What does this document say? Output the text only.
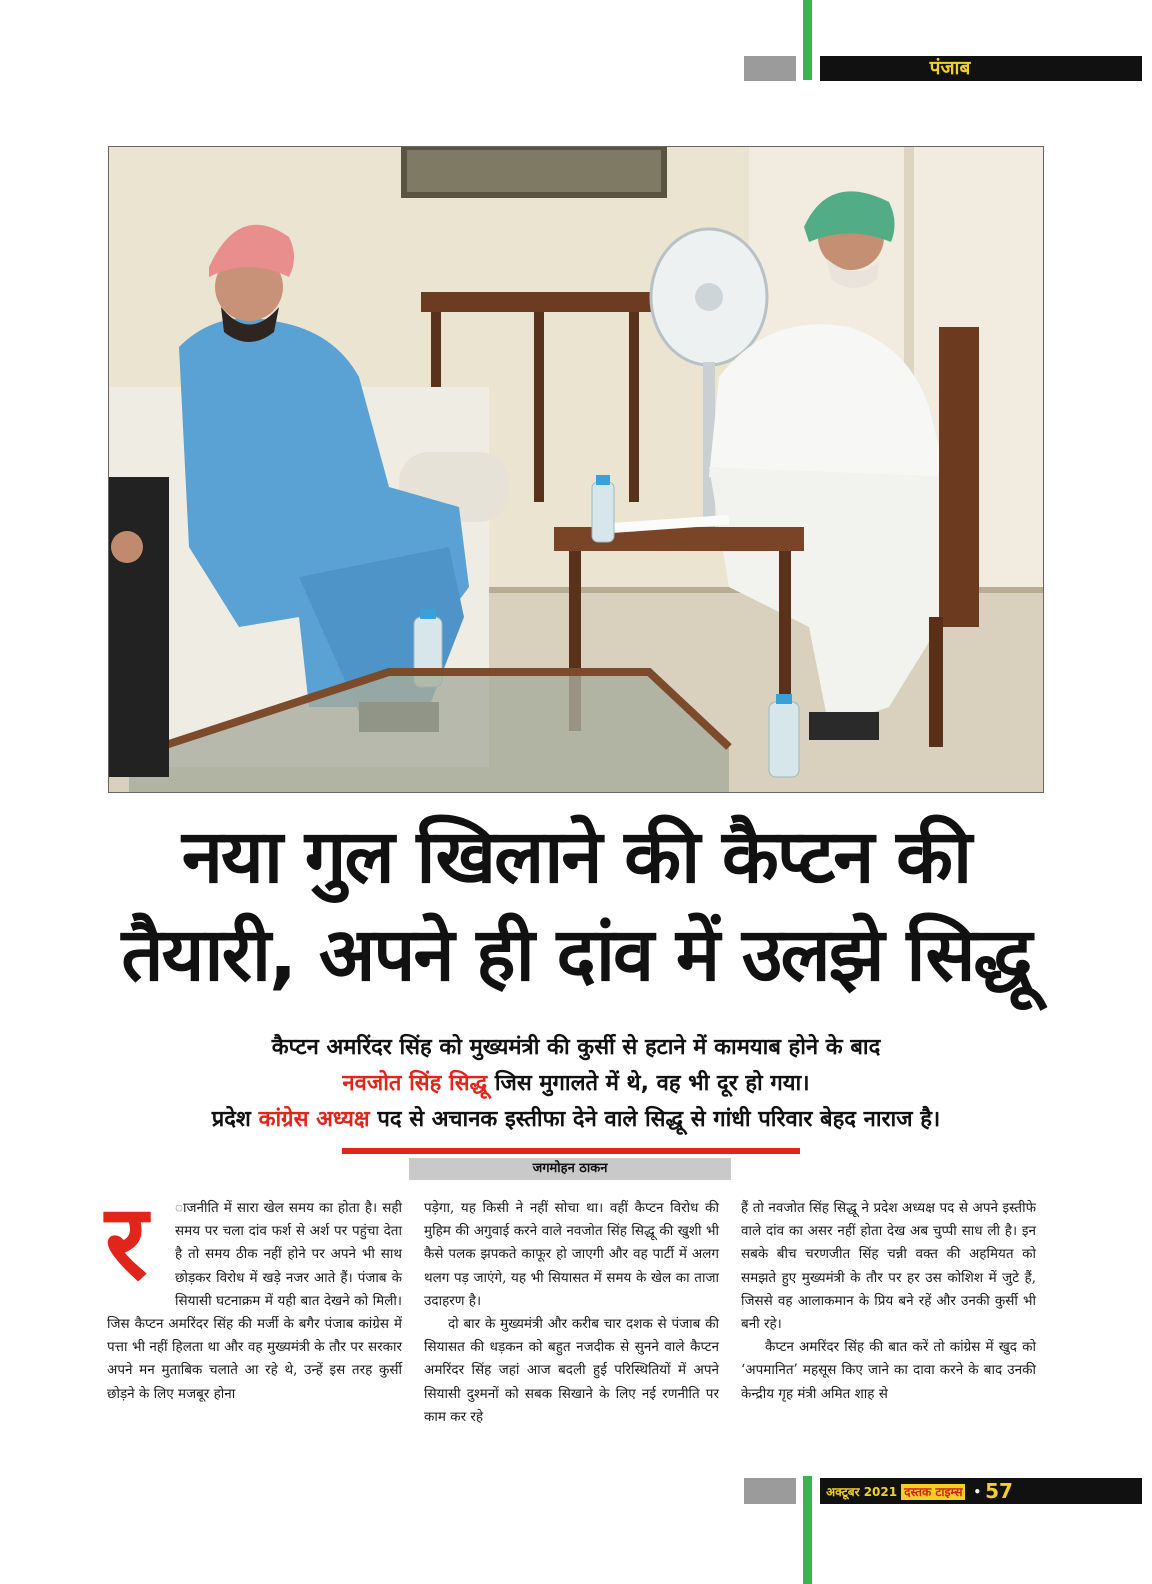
पंजाब
नया गुल खिलाने की कैप्टन की
तैयारी, अपने ही दांव में उलझे सिद्धू
कैप्टन अमरिंदर सिंह को मुख्यमंत्री की कुर्सी से हटाने में कामयाब होने के बाद
नवजोत सिंह सिद्धू जिस मुगालते में थे, वह भी दूर हो गया।
प्रदेश कांग्रेस अध्यक्ष पद से अचानक इस्तीफा देने वाले सिद्धू से गांधी परिवार बेहद नाराज है।
जगमोहन ठाकन
र	ाजनीति में सारा खेल समय का होता है। सही समय पर चला दांव फर्श से अर्श पर पहुंचा देता है तो समय ठीक नहीं होने पर अपने भी साथ छोड़कर विरोध में खड़े नजर आते हैं। पंजाब के सियासी घटनाक्रम में यही बात देखने को मिली। जिस कैप्टन अमरिंदर सिंह की मर्जी के बगैर पंजाब कांग्रेस में पत्ता भी नहीं हिलता था और वह मुख्यमंत्री के तौर पर सरकार अपने मन मुताबिक चलाते आ रहे थे, उन्हें इस तरह कुर्सी छोड़ने के लिए मजबूर होना

पड़ेगा, यह किसी ने नहीं सोचा था। वहीं कैप्टन विरोध की मुहिम की अगुवाई करने वाले नवजोत सिंह सिद्धू की खुशी भी कैसे पलक झपकते काफूर हो जाएगी और वह पार्टी में अलग थलग पड़ जाएंगे, यह भी सियासत में समय के खेल का ताजा उदाहरण है।

दो बार के मुख्यमंत्री और करीब चार दशक से पंजाब की सियासत की धड़कन को बहुत नजदीक से सुनने वाले कैप्टन अमरिंदर सिंह जहां आज बदली हुई परिस्थितियों में अपने सियासी दुश्मनों को सबक सिखाने के लिए नई रणनीति पर काम कर रहे

हैं तो नवजोत सिंह सिद्धू ने प्रदेश अध्यक्ष पद से अपने इस्तीफे वाले दांव का असर नहीं होता देख अब चुप्पी साध ली है। इन सबके बीच चरणजीत सिंह चन्नी वक्त की अहमियत को समझते हुए मुख्यमंत्री के तौर पर हर उस कोशिश में जुटे हैं, जिससे वह आलाकमान के प्रिय बने रहें और उनकी कुर्सी भी बनी रहे।

कैप्टन अमरिंदर सिंह की बात करें तो कांग्रेस में खुद को ‘अपमानित’ महसूस किए जाने का दावा करने के बाद उनकी केन्द्रीय गृह मंत्री अमित शाह से

अक्टूबर 2021 दस्तक टाइम्स • 57
